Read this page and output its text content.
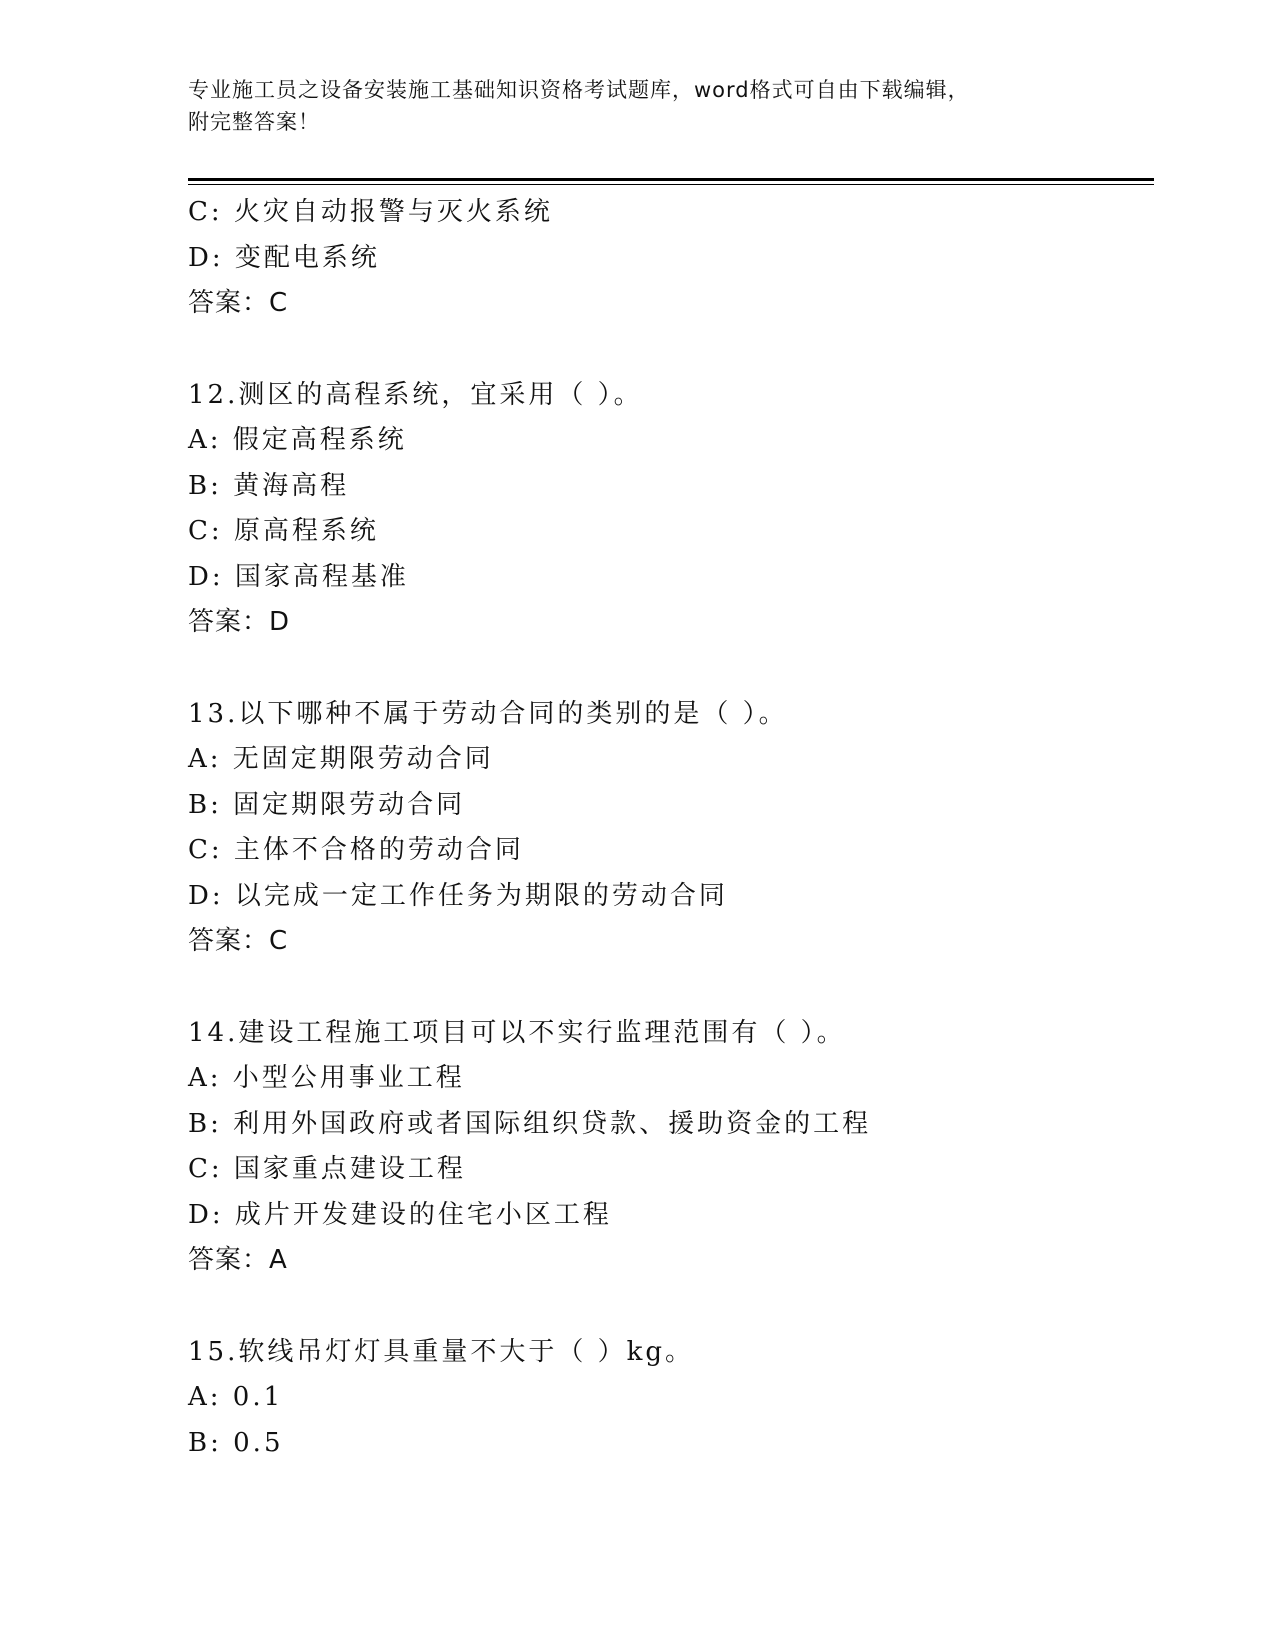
专业施工员之设备安装施工基础知识资格考试题库，word格式可自由下载编辑，
附完整答案！
C: 火灾自动报警与灭火系统
D: 变配电系统
答案：C
12.测区的高程系统，宜采用（ ）。
A: 假定高程系统
B: 黄海高程
C: 原高程系统
D: 国家高程基准
答案：D
13.以下哪种不属于劳动合同的类别的是（ ）。
A: 无固定期限劳动合同
B: 固定期限劳动合同
C: 主体不合格的劳动合同
D: 以完成一定工作任务为期限的劳动合同
答案：C
14.建设工程施工项目可以不实行监理范围有（ ）。
A: 小型公用事业工程
B: 利用外国政府或者国际组织贷款、援助资金的工程
C: 国家重点建设工程
D: 成片开发建设的住宅小区工程
答案：A
15.软线吊灯灯具重量不大于（ ）kg。
A: 0.1
B: 0.5
